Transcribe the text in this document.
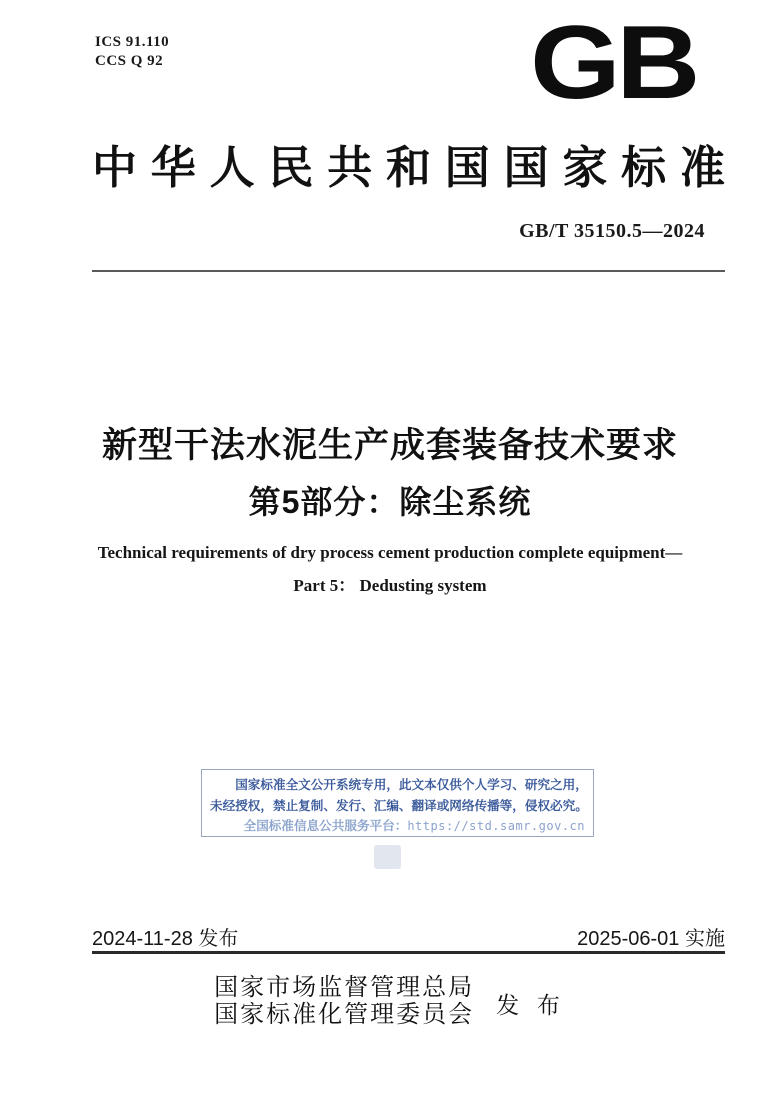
ICS 91.110
CCS Q 92	GB
中华人民共和国国家标准
GB/T 35150.5—2024
新型干法水泥生产成套装备技术要求
第5部分：除尘系统
Technical requirements of dry process cement production complete equipment—
Part 5： Dedusting system
国家标准全文公开系统专用，此文本仅供个人学习、研究之用，
未经授权，禁止复制、发行、汇编、翻译或网络传播等，侵权必究。
全国标准信息公共服务平台：https://std.samr.gov.cn
2024-11-28 发布	2025-06-01 实施
国家市场监督管理总局
国家标准化管理委员会 发 布
